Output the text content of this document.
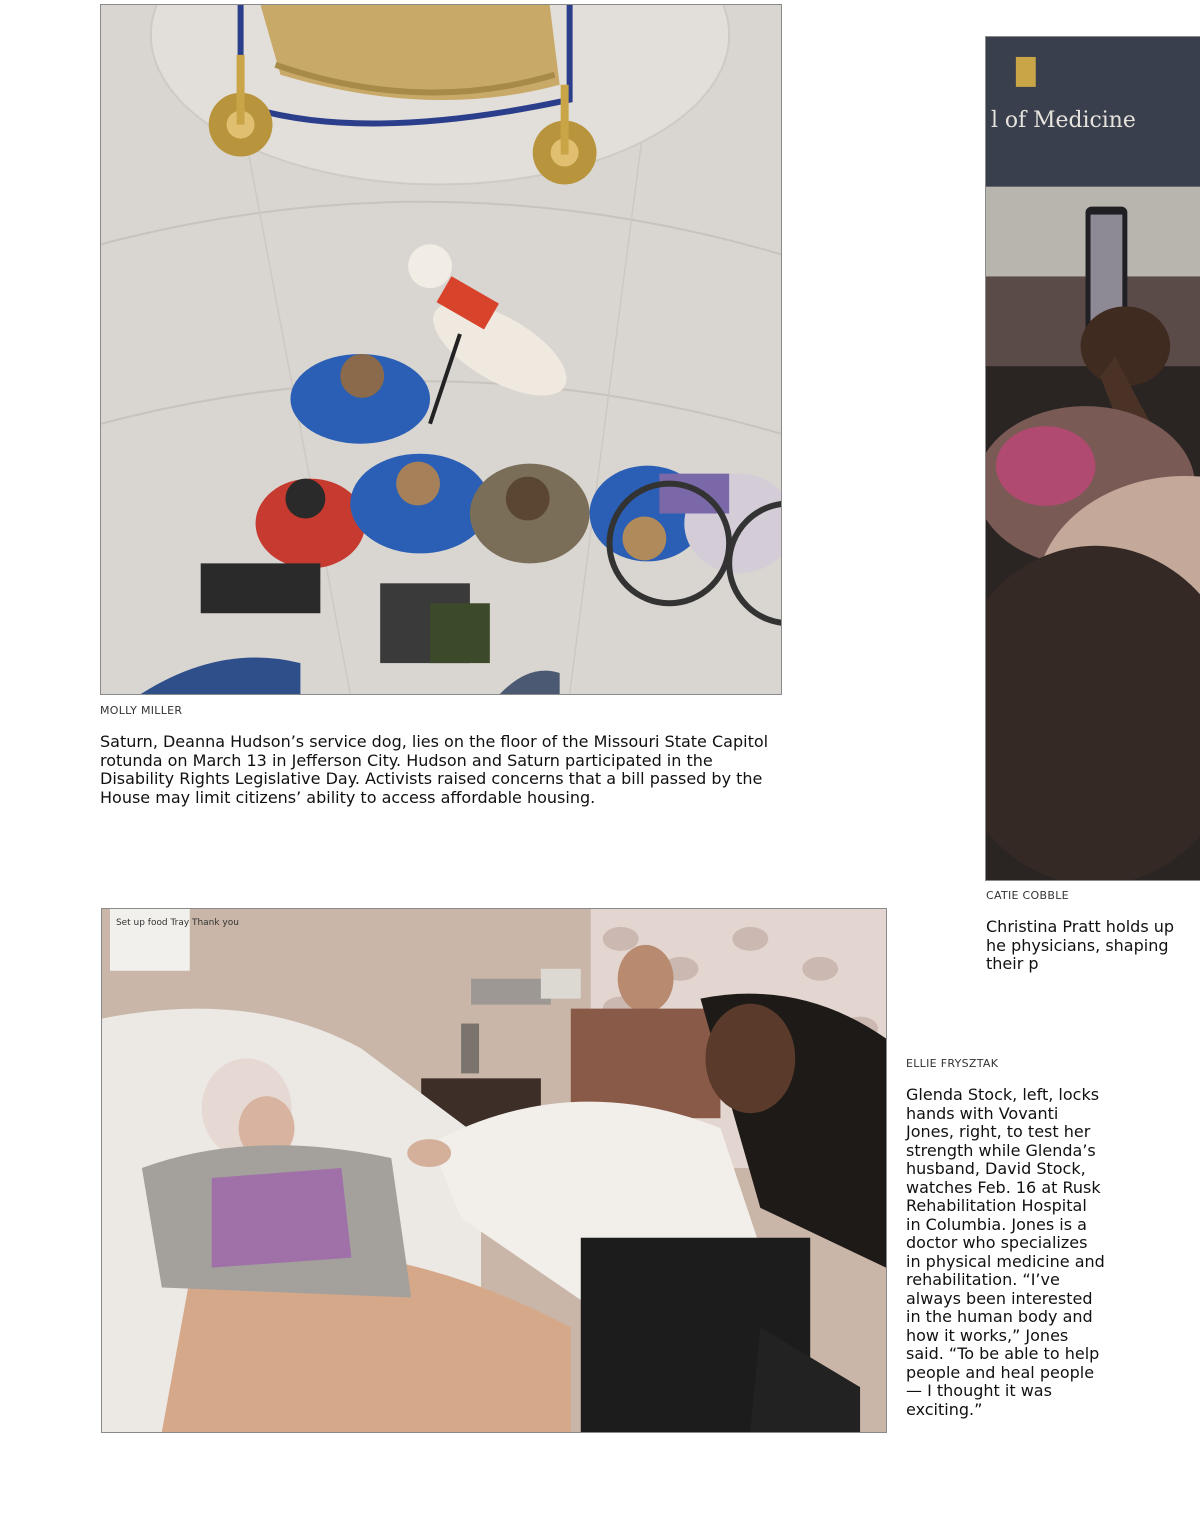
MOLLY MILLER

Saturn, Deanna Hudson’s service dog, lies on the floor of the Missouri State Capitol rotunda on March 13 in Jefferson City. Hudson and Saturn participated in the Disability Rights Legislative Day. Activists raised concerns that a bill passed by the House may limit citizens’ ability to access affordable housing.

l of Medicine
CATIE COBBLE

Christina Pratt holds up he physicians, shaping their p

Set up food Tray Thank you
ELLIE FRYSZTAK

Glenda Stock, left, locks hands with Vovanti Jones, right, to test her strength while Glenda’s husband, David Stock, watches Feb. 16 at Rusk Rehabilitation Hospital in Columbia. Jones is a doctor who specializes in physical medicine and rehabilitation. “I’ve always been interested in the human body and how it works,” Jones said. “To be able to help people and heal people — I thought it was exciting.”
